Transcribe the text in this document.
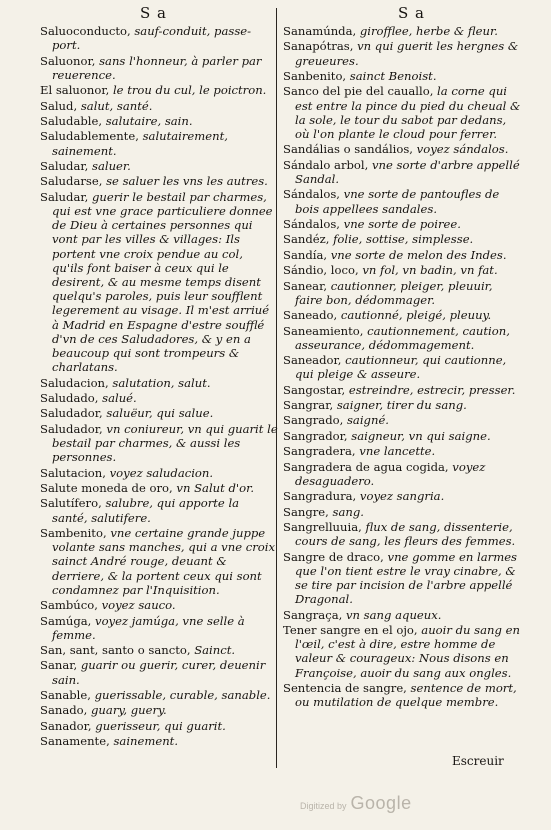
S a	S a
Saluoconducto, sauf-conduit, passe-port.
Saluonor, sans l'honneur, à parler par reuerence.
El saluonor, le trou du cul, le poictron.
Salud, salut, santé.
Saludable, salutaire, sain.
Saludablemente, salutairement, sainement.
Saludar, saluer.
Saludarse, se saluer les vns les autres.
Saludar, guerir le bestail par charmes, qui est vne grace particuliere donnee de Dieu à certaines personnes qui vont par les villes & villages: Ils portent vne croix pendue au col, qu'ils font baiser à ceux qui le desirent, & au mesme temps disent quelqu's paroles, puis leur soufflent legerement au visage. Il m'est arriué à Madrid en Espagne d'estre soufflé d'vn de ces Saludadores, & y en a beaucoup qui sont trompeurs & charlatans.
Saludacion, salutation, salut.
Saludado, salué.
Saludador, saluëur, qui salue.
Saludador, vn coniureur, vn qui guarit le bestail par charmes, & aussi les personnes.
Salutacion, voyez saludacion.
Salute moneda de oro, vn Salut d'or.
Salutífero, salubre, qui apporte la santé, salutifere.
Sambenito, vne certaine grande juppe volante sans manches, qui a vne croix sainct André rouge, deuant & derriere, & la portent ceux qui sont condamnez par l'Inquisition.
Sambúco, voyez sauco.
Samúga, voyez jamúga, vne selle à femme.
San, sant, santo o sancto, Sainct.
Sanar, guarir ou guerir, curer, deuenir sain.
Sanable, guerissable, curable, sanable.
Sanado, guary, guery.
Sanador, guerisseur, qui guarit.
Sanamente, sainement.
Sanamúnda, girofflee, herbe & fleur.
Sanapótras, vn qui guerit les hergnes & greueures.
Sanbenito, sainct Benoist.
Sanco del pie del cauallo, la corne qui est entre la pince du pied du cheual & la sole, le tour du sabot par dedans, où l'on plante le cloud pour ferrer.
Sandálias o sandálios, voyez sándalos.
Sándalo arbol, vne sorte d'arbre appellé Sandal.
Sándalos, vne sorte de pantoufles de bois appellees sandales.
Sándalos, vne sorte de poiree.
Sandéz, folie, sottise, simplesse.
Sandía, vne sorte de melon des Indes.
Sándio, loco, vn fol, vn badin, vn fat.
Sanear, cautionner, pleiger, pleuuir, faire bon, dédommager.
Saneado, cautionné, pleigé, pleuuy.
Saneamiento, cautionnement, caution, asseurance, dédommagement.
Saneador, cautionneur, qui cautionne, qui pleige & asseure.
Sangostar, estreindre, estrecir, presser.
Sangrar, saigner, tirer du sang.
Sangrado, saigné.
Sangrador, saigneur, vn qui saigne.
Sangradera, vne lancette.
Sangradera de agua cogida, voyez desaguadero.
Sangradura, voyez sangria.
Sangre, sang.
Sangrelluuia, flux de sang, dissenterie, cours de sang, les fleurs des femmes.
Sangre de draco, vne gomme en larmes que l'on tient estre le vray cinabre, & se tire par incision de l'arbre appellé Dragonal.
Sangraça, vn sang aqueux.
Tener sangre en el ojo, auoir du sang en l'œil, c'est à dire, estre homme de valeur & courageux: Nous disons en Françoise, auoir du sang aux ongles.
Sentencia de sangre, sentence de mort, ou mutilation de quelque membre.
Escreuir
Digitized by Google
